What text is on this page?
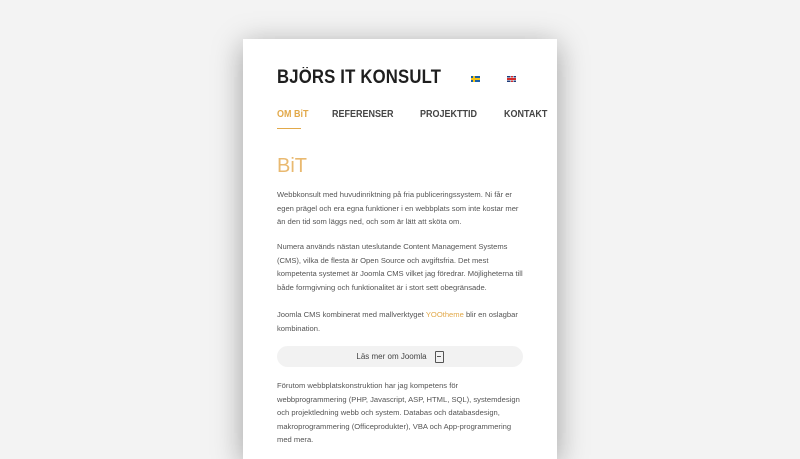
BJÖRS IT KONSULT
OM BiT REFERENSER	PROJEKTTID	KONTAKT
BiT
Webbkonsult med huvudinriktning på fria publiceringssystem. Ni får er egen prägel och era egna funktioner i en webbplats som inte kostar mer än den tid som läggs ned, och som är lätt att sköta om.
Numera används nästan uteslutande Content Management Systems (CMS), vilka de flesta är Open Source och avgiftsfria. Det mest kompetenta systemet är Joomla CMS vilket jag föredrar. Möjligheterna till både formgivning och funktionalitet är i stort sett obegränsade.
Joomla CMS kombinerat med mallverktyget YOOtheme blir en oslagbar kombination.
Läs mer om Joomla
Förutom webbplatskonstruktion har jag kompetens för webbprogrammering (PHP, Javascript, ASP, HTML, SQL), systemdesign och projektledning webb och system. Databas och databasdesign, makroprogrammering (Officeprodukter), VBA och App-programmering med mera.
